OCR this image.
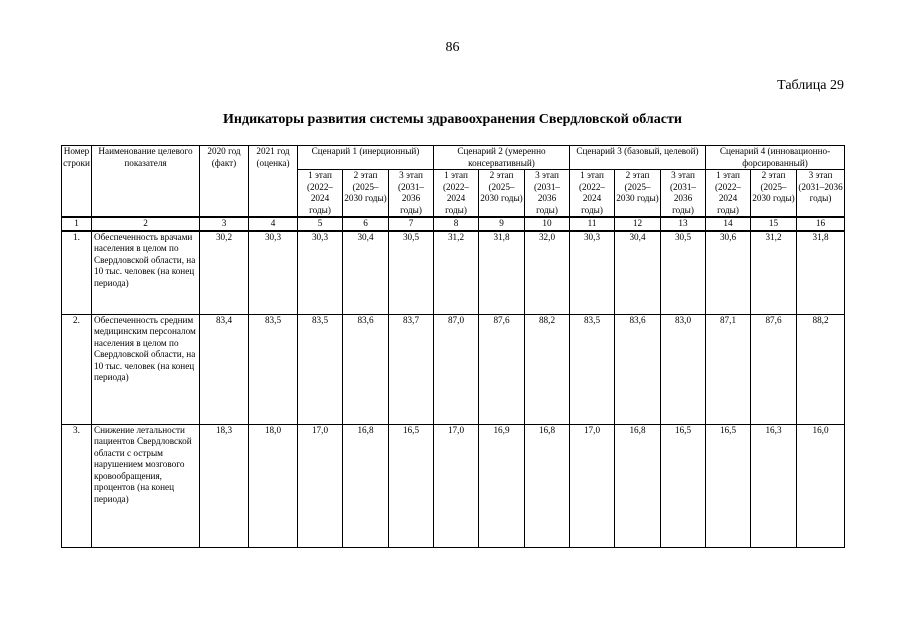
86
Таблица 29
Индикаторы развития системы здравоохранения Свердловской области
Номер строки	Наименование целевого показателя	2020 год (факт)	2021 год (оценка)	Сценарий 1 (инерционный)			Сценарий 2 (умеренно консервативный)			Сценарий 3 (базовый, целевой)			Сценарий 4 (инновационно-форсированный)		
				1 этап (2022–2024 годы)	2 этап (2025–2030 годы)	3 этап (2031–2036 годы)	1 этап (2022–2024 годы)	2 этап (2025–2030 годы)	3 этап (2031–2036 годы)	1 этап (2022–2024 годы)	2 этап (2025–2030 годы)	3 этап (2031–2036 годы)	1 этап (2022–2024 годы)	2 этап (2025–2030 годы)	3 этап (2031–2036 годы)
1	2	3	4	5	6	7	8	9	10	11	12	13	14	15	16
1.	Обеспеченность врачами населения в целом по Свердловской области, на 10 тыс. человек (на конец периода)	30,2	30,3	30,3	30,4	30,5	31,2	31,8	32,0	30,3	30,4	30,5	30,6	31,2	31,8
2.	Обеспеченность средним медицинским персоналом населения в целом по Свердловской области, на 10 тыс. человек (на конец периода)	83,4	83,5	83,5	83,6	83,7	87,0	87,6	88,2	83,5	83,6	83,0	87,1	87,6	88,2
3.	Снижение летальности пациентов Свердловской области с острым нарушением мозгового кровообращения, процентов (на конец периода)	18,3	18,0	17,0	16,8	16,5	17,0	16,9	16,8	17,0	16,8	16,5	16,5	16,3	16,0
